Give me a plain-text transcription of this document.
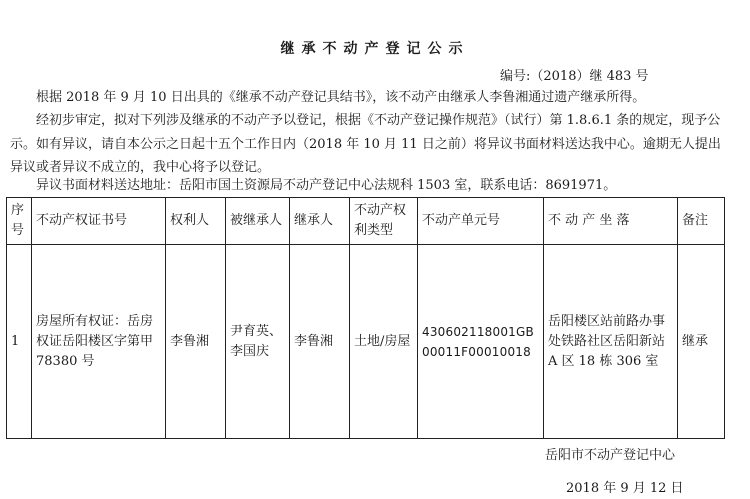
继承不动产登记公示
编号:（2018）继 483 号
根据 2018 年 9 月 10 日出具的《继承不动产登记具结书》，该不动产由继承人李鲁湘通过遗产继承所得。
经初步审定，拟对下列涉及继承的不动产予以登记，根据《不动产登记操作规范》（试行）第 1.8.6.1 条的规定，现予公示。如有异议，请自本公示之日起十五个工作日内（2018 年 10 月 11 日之前）将异议书面材料送达我中心。逾期无人提出异议或者异议不成立的，我中心将予以登记。
异议书面材料送达地址：岳阳市国土资源局不动产登记中心法规科 1503 室，联系电话：8691971。
序号	不动产权证书号	权利人	被继承人	继承人	不动产权利类型	不动产单元号	不 动 产 坐 落	备注
1	房屋所有权证：岳房权证岳阳楼区字第甲 78380 号	李鲁湘	尹育英、李国庆	李鲁湘	土地/房屋	430602118001GB00011F00010018	岳阳楼区站前路办事处铁路社区岳阳新站 A 区 18 栋 306 室	继承
岳阳市不动产登记中心
2018 年 9 月 12 日
